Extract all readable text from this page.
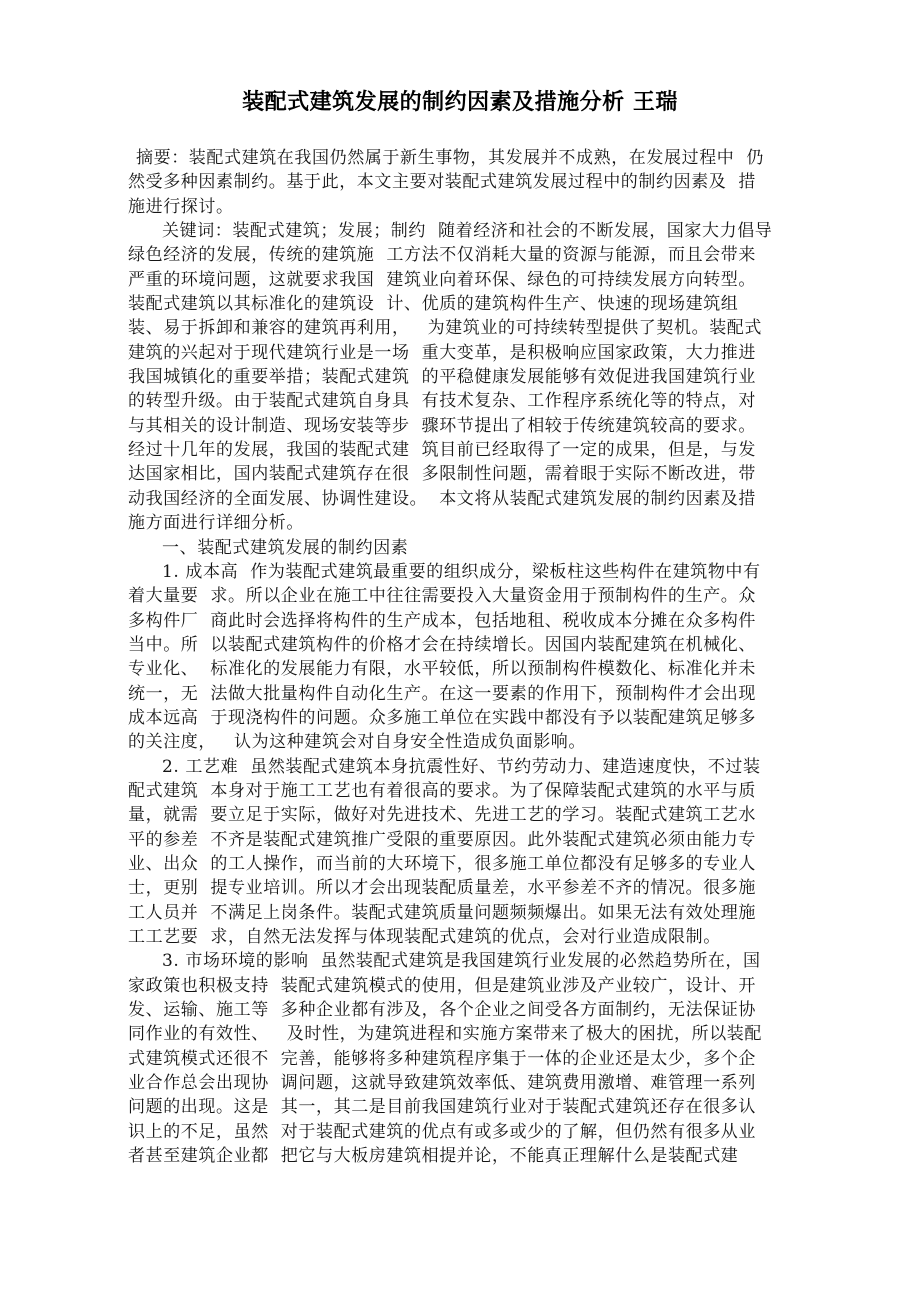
装配式建筑发展的制约因素及措施分析 王瑞
摘要：装配式建筑在我国仍然属于新生事物，其发展并不成熟，在发展过程中  仍
然受多种因素制约。基于此，本文主要对装配式建筑发展过程中的制约因素及  措
施进行探讨。
关键词：装配式建筑；发展；制约  随着经济和社会的不断发展，国家大力倡导
绿色经济的发展，传统的建筑施  工方法不仅消耗大量的资源与能源，而且会带来
严重的环境问题，这就要求我国  建筑业向着环保、绿色的可持续发展方向转型。
装配式建筑以其标准化的建筑设  计、优质的建筑构件生产、快速的现场建筑组
装、易于拆卸和兼容的建筑再利用，   为建筑业的可持续转型提供了契机。装配式
建筑的兴起对于现代建筑行业是一场  重大变革，是积极响应国家政策，大力推进
我国城镇化的重要举措；装配式建筑  的平稳健康发展能够有效促进我国建筑行业
的转型升级。由于装配式建筑自身具  有技术复杂、工作程序系统化等的特点，对
与其相关的设计制造、现场安装等步  骤环节提出了相较于传统建筑较高的要求。
经过十几年的发展，我国的装配式建  筑目前已经取得了一定的成果，但是，与发
达国家相比，国内装配式建筑存在很  多限制性问题，需着眼于实际不断改进，带
动我国经济的全面发展、协调性建设。  本文将从装配式建筑发展的制约因素及措
施方面进行详细分析。
一、装配式建筑发展的制约因素
1. 成本高  作为装配式建筑最重要的组织成分，梁板柱这些构件在建筑物中有
着大量要  求。所以企业在施工中往往需要投入大量资金用于预制构件的生产。众
多构件厂  商此时会选择将构件的生产成本，包括地租、税收成本分摊在众多构件
当中。所  以装配式建筑构件的价格才会在持续增长。因国内装配建筑在机械化、
专业化、  标准化的发展能力有限，水平较低，所以预制构件模数化、标准化并未
统一，无  法做大批量构件自动化生产。在这一要素的作用下，预制构件才会出现
成本远高  于现浇构件的问题。众多施工单位在实践中都没有予以装配建筑足够多
的关注度，   认为这种建筑会对自身安全性造成负面影响。
2. 工艺难  虽然装配式建筑本身抗震性好、节约劳动力、建造速度快，不过装
配式建筑  本身对于施工工艺也有着很高的要求。为了保障装配式建筑的水平与质
量，就需  要立足于实际，做好对先进技术、先进工艺的学习。装配式建筑工艺水
平的参差  不齐是装配式建筑推广受限的重要原因。此外装配式建筑必须由能力专
业、出众  的工人操作，而当前的大环境下，很多施工单位都没有足够多的专业人
士，更别  提专业培训。所以才会出现装配质量差，水平参差不齐的情况。很多施
工人员并  不满足上岗条件。装配式建筑质量问题频频爆出。如果无法有效处理施
工工艺要  求，自然无法发挥与体现装配式建筑的优点，会对行业造成限制。
3. 市场环境的影响  虽然装配式建筑是我国建筑行业发展的必然趋势所在，国
家政策也积极支持  装配式建筑模式的使用，但是建筑业涉及产业较广，设计、开
发、运输、施工等  多种企业都有涉及，各个企业之间受各方面制约，无法保证协
同作业的有效性、   及时性，为建筑进程和实施方案带来了极大的困扰，所以装配
式建筑模式还很不  完善，能够将多种建筑程序集于一体的企业还是太少，多个企
业合作总会出现协  调问题，这就导致建筑效率低、建筑费用激增、难管理一系列
问题的出现。这是  其一，其二是目前我国建筑行业对于装配式建筑还存在很多认
识上的不足，虽然  对于装配式建筑的优点有或多或少的了解，但仍然有很多从业
者甚至建筑企业都  把它与大板房建筑相提并论，不能真正理解什么是装配式建
